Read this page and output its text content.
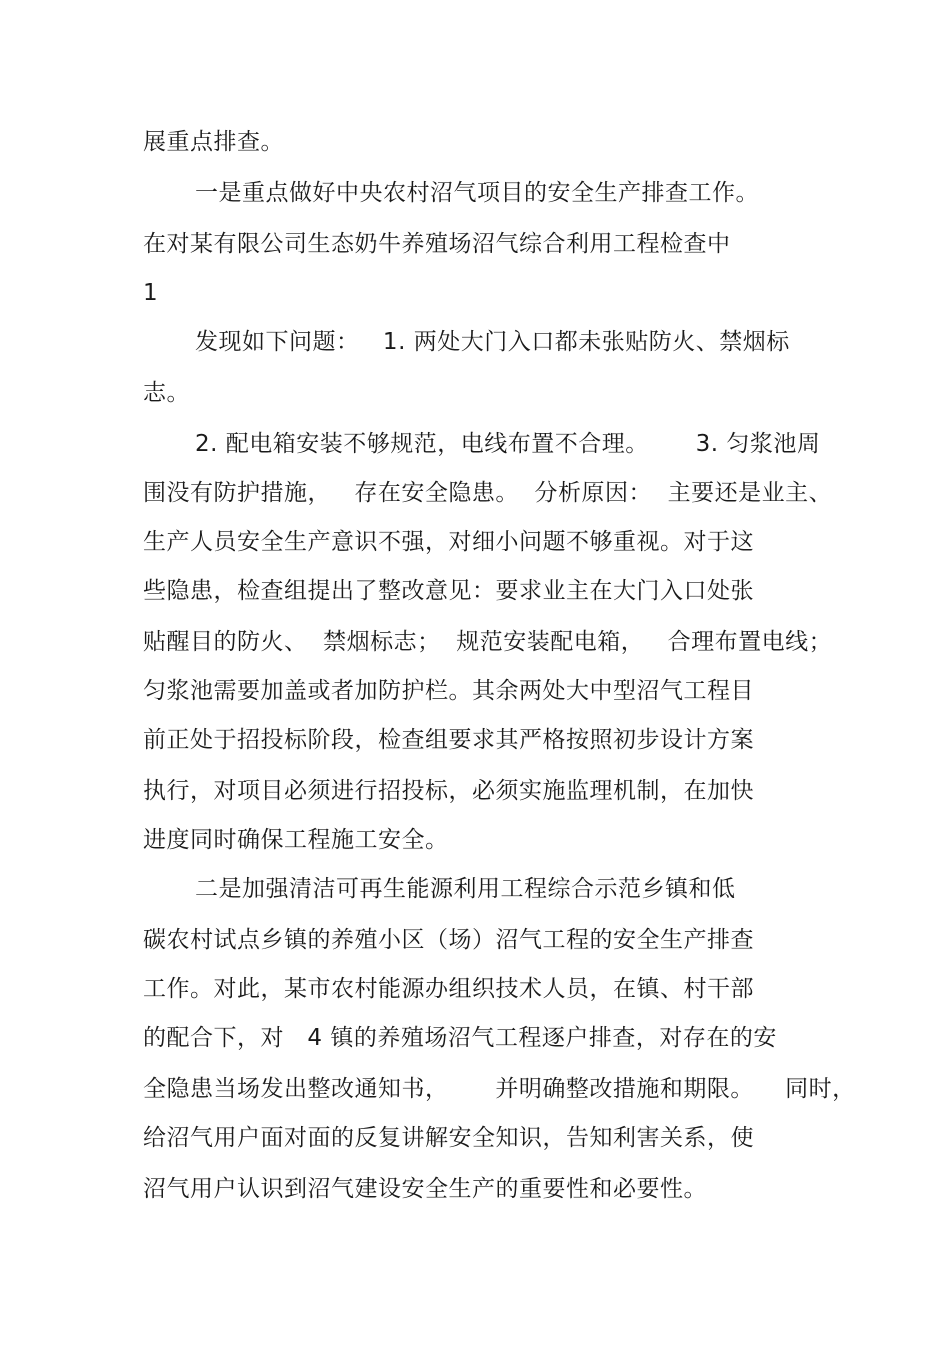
展重点排查。
一是重点做好中央农村沼气项目的安全生产排查工作。
在对某有限公司生态奶牛养殖场沼气综合利用工程检查中
1
发现如下问题：   1. 两处大门入口都未张贴防火、禁烟标
志。
2. 配电箱安装不够规范，电线布置不合理。      3. 匀浆池周
围没有防护措施，   存在安全隐患。  分析原因：  主要还是业主、
生产人员安全生产意识不强，对细小问题不够重视。对于这
些隐患，检查组提出了整改意见：要求业主在大门入口处张
贴醒目的防火、  禁烟标志；  规范安装配电箱，   合理布置电线；
匀浆池需要加盖或者加防护栏。其余两处大中型沼气工程目
前正处于招投标阶段，检查组要求其严格按照初步设计方案
执行，对项目必须进行招投标，必须实施监理机制，在加快
进度同时确保工程施工安全。
二是加强清洁可再生能源利用工程综合示范乡镇和低
碳农村试点乡镇的养殖小区（场）沼气工程的安全生产排查
工作。对此，某市农村能源办组织技术人员，在镇、村干部
的配合下，对   4 镇的养殖场沼气工程逐户排查，对存在的安
全隐患当场发出整改通知书，      并明确整改措施和期限。    同时，
给沼气用户面对面的反复讲解安全知识，告知利害关系，使
沼气用户认识到沼气建设安全生产的重要性和必要性。
